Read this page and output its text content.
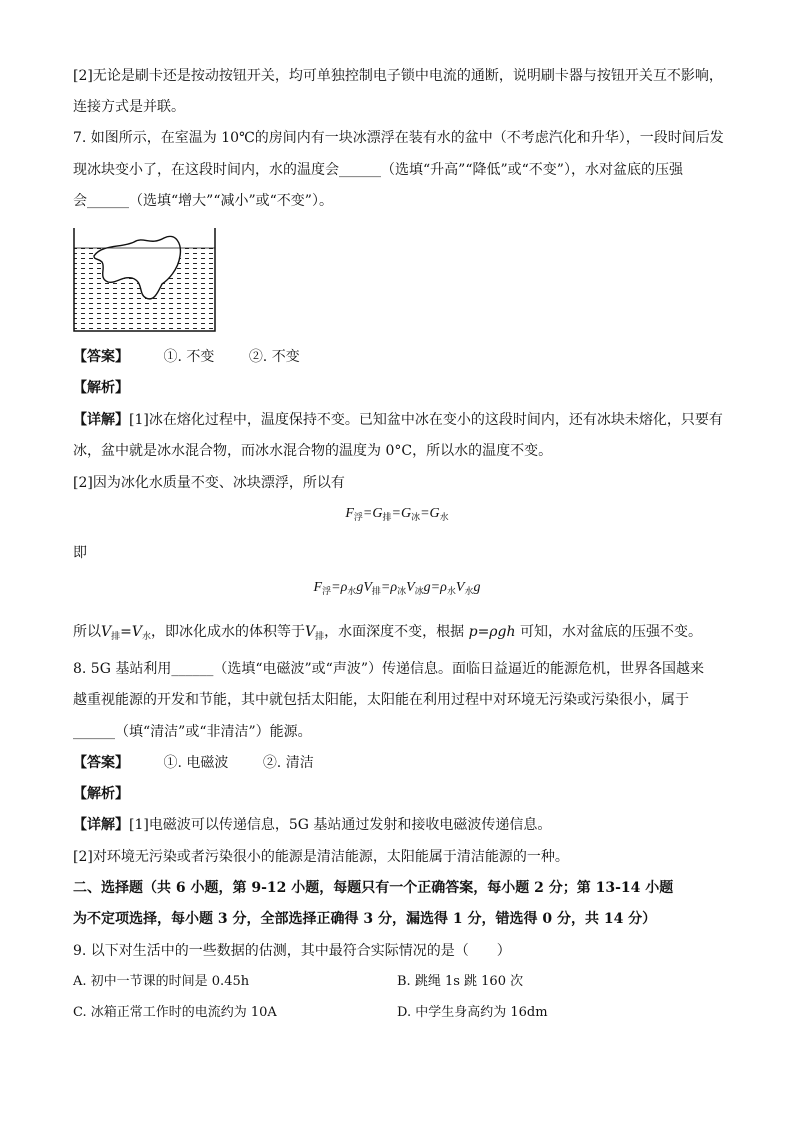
[2]无论是刷卡还是按动按钮开关，均可单独控制电子锁中电流的通断，说明刷卡器与按钮开关互不影响，
连接方式是并联。
7. 如图所示，在室温为 10℃的房间内有一块冰漂浮在装有水的盆中（不考虑汽化和升华），一段时间后发
现冰块变小了，在这段时间内，水的温度会______（选填“升高”“降低”或“不变”），水对盆底的压强
会______（选填“增大”“减小”或“不变”）。
【答案】 ①. 不变 ②. 不变
【解析】
【详解】[1]冰在熔化过程中，温度保持不变。已知盆中冰在变小的这段时间内，还有冰块未熔化，只要有
冰，盆中就是冰水混合物，而冰水混合物的温度为 0°C，所以水的温度不变。
[2]因为冰化水质量不变、冰块漂浮，所以有
$F_浮=G_排=G_冰=G_水$
即
$F_浮=\rho_水gV_排=\rho_冰V_冰g=\rho_水V_水g$
所以$V_排=V_水$，即冰化成水的体积等于$V_排$，水面深度不变，根据 p=ρgh 可知，水对盆底的压强不变。
8. 5G 基站利用______（选填“电磁波”或“声波”）传递信息。面临日益逼近的能源危机，世界各国越来
越重视能源的开发和节能，其中就包括太阳能，太阳能在利用过程中对环境无污染或污染很小，属于
______（填“清洁”或“非清洁”）能源。
【答案】 ①. 电磁波 ②. 清洁
【解析】
【详解】[1]电磁波可以传递信息，5G 基站通过发射和接收电磁波传递信息。
[2]对环境无污染或者污染很小的能源是清洁能源，太阳能属于清洁能源的一种。
二、选择题（共 6 小题，第 9-12 小题，每题只有一个正确答案，每小题 2 分；第 13-14 小题
为不定项选择，每小题 3 分，全部选择正确得 3 分，漏选得 1 分，错选得 0 分，共 14 分）
9. 以下对生活中的一些数据的估测，其中最符合实际情况的是（　　）
A. 初中一节课的时间是 0.45h	B. 跳绳 1s 跳 160 次
C. 冰箱正常工作时的电流约为 10A	D. 中学生身高约为 16dm
